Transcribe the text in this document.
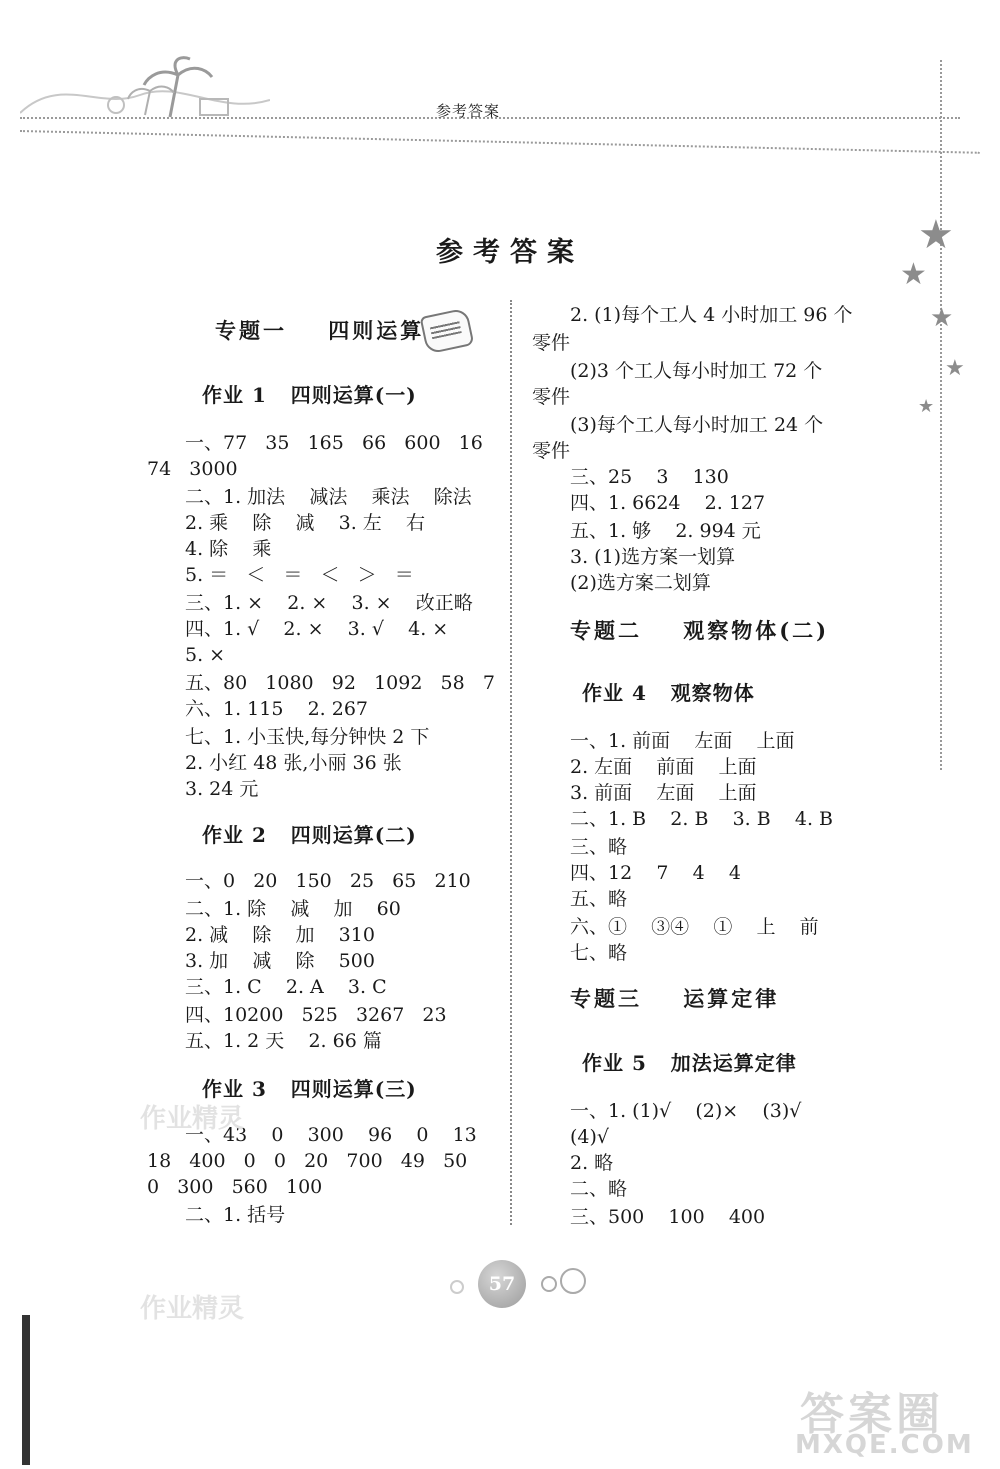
参考答案
★
★
★
★
★
参考答案
专题一    四则运算
作业 1   四则运算(一)
一、77   35   165   66   600   16
74   3000
二、1. 加法    减法    乘法    除法
2. 乘    除    减    3. 左    右
4. 除    乘
5. ＝   ＜   ＝   ＜   ＞   ＝
三、1. ×    2. ×    3. ×    改正略
四、1. √    2. ×    3. √    4. ×
5. ×
五、80   1080   92   1092   58   7
六、1. 115    2. 267
七、1. 小玉快,每分钟快 2 下
2. 小红 48 张,小丽 36 张
3. 24 元
作业 2   四则运算(二)
一、0   20   150   25   65   210
二、1. 除    减    加    60
2. 减    除    加    310
3. 加    减    除    500
三、1. C    2. A    3. C
四、10200   525   3267   23
五、1. 2 天    2. 66 篇
作业 3   四则运算(三)
一、43    0    300    96    0    13
18   400   0   0   20   700   49   50
0   300   560   100
二、1. 括号
2. (1)每个工人 4 小时加工 96 个
零件
(2)3 个工人每小时加工 72 个
零件
(3)每个工人每小时加工 24 个
零件
三、25    3    130
四、1. 6624    2. 127
五、1. 够    2. 994 元
3. (1)选方案一划算
(2)选方案二划算
专题二    观察物体(二)
作业 4   观察物体
一、1. 前面    左面    上面
2. 左面    前面    上面
3. 前面    左面    上面
二、1. B    2. B    3. B    4. B
三、略
四、12    7    4    4
五、略
六、①    ③④    ①    上    前
七、略
专题三    运算定律
作业 5   加法运算定律
一、1. (1)√    (2)×    (3)√
(4)√
2. 略
二、略
三、500    100    400
57
作业精灵
作业精灵
答案圈
MXQE.COM
